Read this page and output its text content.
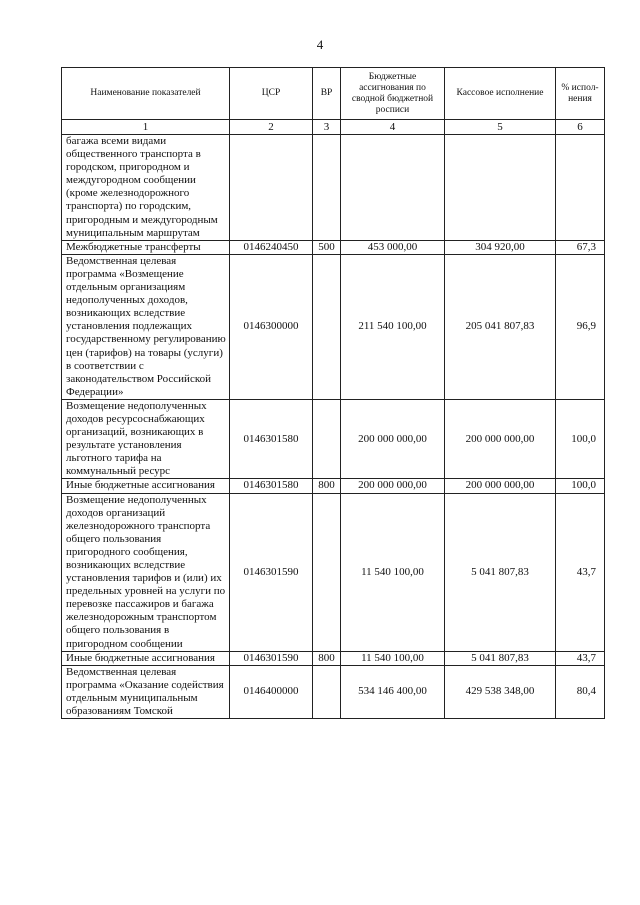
4
Наименование показателей	ЦСР	ВР	Бюджетные ассигнования по сводной бюджетной росписи	Кассовое исполнение	% испол-нения
1	2	3	4	5	6
багажа всеми видами общественного транспорта в городском, пригородном и междугородном сообщении (кроме железнодорожного транспорта) по городским, пригородным и междугородным муниципальным маршрутам					
Межбюджетные трансферты	0146240450	500	453 000,00	304 920,00	67,3
Ведомственная целевая программа «Возмещение отдельным организациям недополученных доходов, возникающих вследствие установления подлежащих государственному регулированию цен (тарифов) на товары (услуги) в соответствии с законодательством Российской Федерации»	0146300000		211 540 100,00	205 041 807,83	96,9
Возмещение недополученных доходов ресурсоснабжающих организаций, возникающих в результате установления льготного тарифа на коммунальный ресурс	0146301580		200 000 000,00	200 000 000,00	100,0
Иные бюджетные ассигнования	0146301580	800	200 000 000,00	200 000 000,00	100,0
Возмещение недополученных доходов организаций железнодорожного транспорта общего пользования пригородного сообщения, возникающих вследствие установления тарифов и (или) их предельных уровней на услуги по перевозке пассажиров и багажа железнодорожным транспортом общего пользования в пригородном сообщении	0146301590		11 540 100,00	5 041 807,83	43,7
Иные бюджетные ассигнования	0146301590	800	11 540 100,00	5 041 807,83	43,7
Ведомственная целевая программа «Оказание содействия отдельным муниципальным образованиям Томской	0146400000		534 146 400,00	429 538 348,00	80,4
